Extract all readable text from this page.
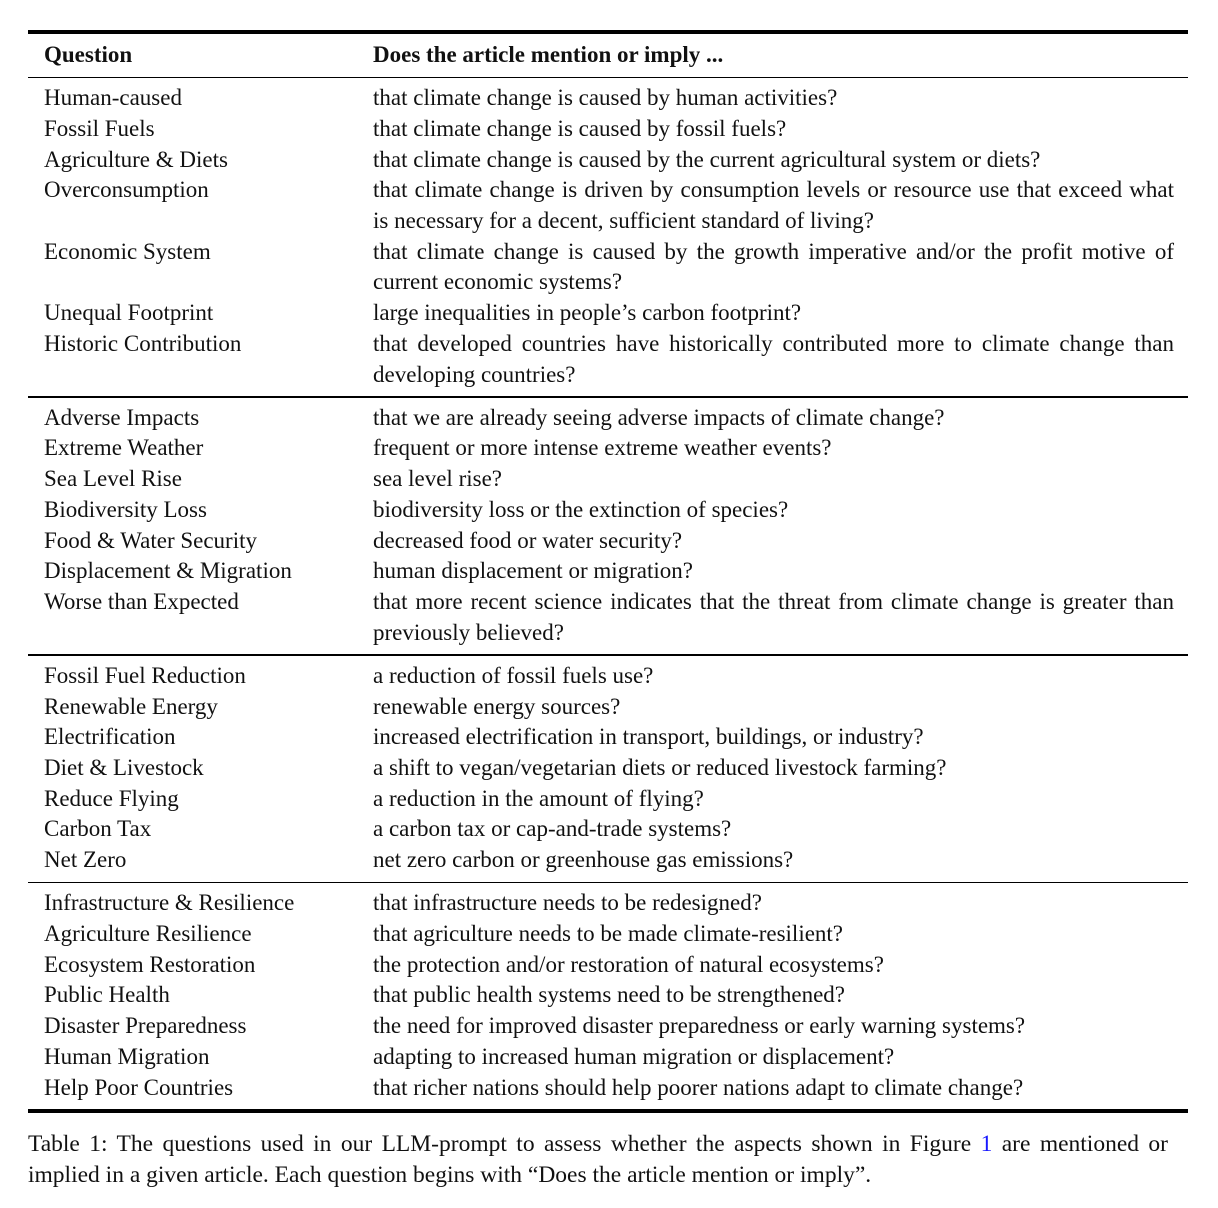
Question	Does the article mention or imply ...
Human-caused	that climate change is caused by human activities?
Fossil Fuels	that climate change is caused by fossil fuels?
Agriculture & Diets	that climate change is caused by the current agricultural system or diets?
Overconsumption	that climate change is driven by consumption levels or resource use that exceed what is necessary for a decent, sufficient standard of living?
Economic System	that climate change is caused by the growth imperative and/or the profit motive of current economic systems?
Unequal Footprint	large inequalities in people’s carbon footprint?
Historic Contribution	that developed countries have historically contributed more to climate change than developing countries?
Adverse Impacts	that we are already seeing adverse impacts of climate change?
Extreme Weather	frequent or more intense extreme weather events?
Sea Level Rise	sea level rise?
Biodiversity Loss	biodiversity loss or the extinction of species?
Food & Water Security	decreased food or water security?
Displacement & Migration	human displacement or migration?
Worse than Expected	that more recent science indicates that the threat from climate change is greater than previously believed?
Fossil Fuel Reduction	a reduction of fossil fuels use?
Renewable Energy	renewable energy sources?
Electrification	increased electrification in transport, buildings, or industry?
Diet & Livestock	a shift to vegan/vegetarian diets or reduced livestock farming?
Reduce Flying	a reduction in the amount of flying?
Carbon Tax	a carbon tax or cap-and-trade systems?
Net Zero	net zero carbon or greenhouse gas emissions?
Infrastructure & Resilience	that infrastructure needs to be redesigned?
Agriculture Resilience	that agriculture needs to be made climate-resilient?
Ecosystem Restoration	the protection and/or restoration of natural ecosystems?
Public Health	that public health systems need to be strengthened?
Disaster Preparedness	the need for improved disaster preparedness or early warning systems?
Human Migration	adapting to increased human migration or displacement?
Help Poor Countries	that richer nations should help poorer nations adapt to climate change?
Table 1: The questions used in our LLM-prompt to assess whether the aspects shown in Figure 1 are mentioned or implied in a given article. Each question begins with “Does the article mention or imply”.
